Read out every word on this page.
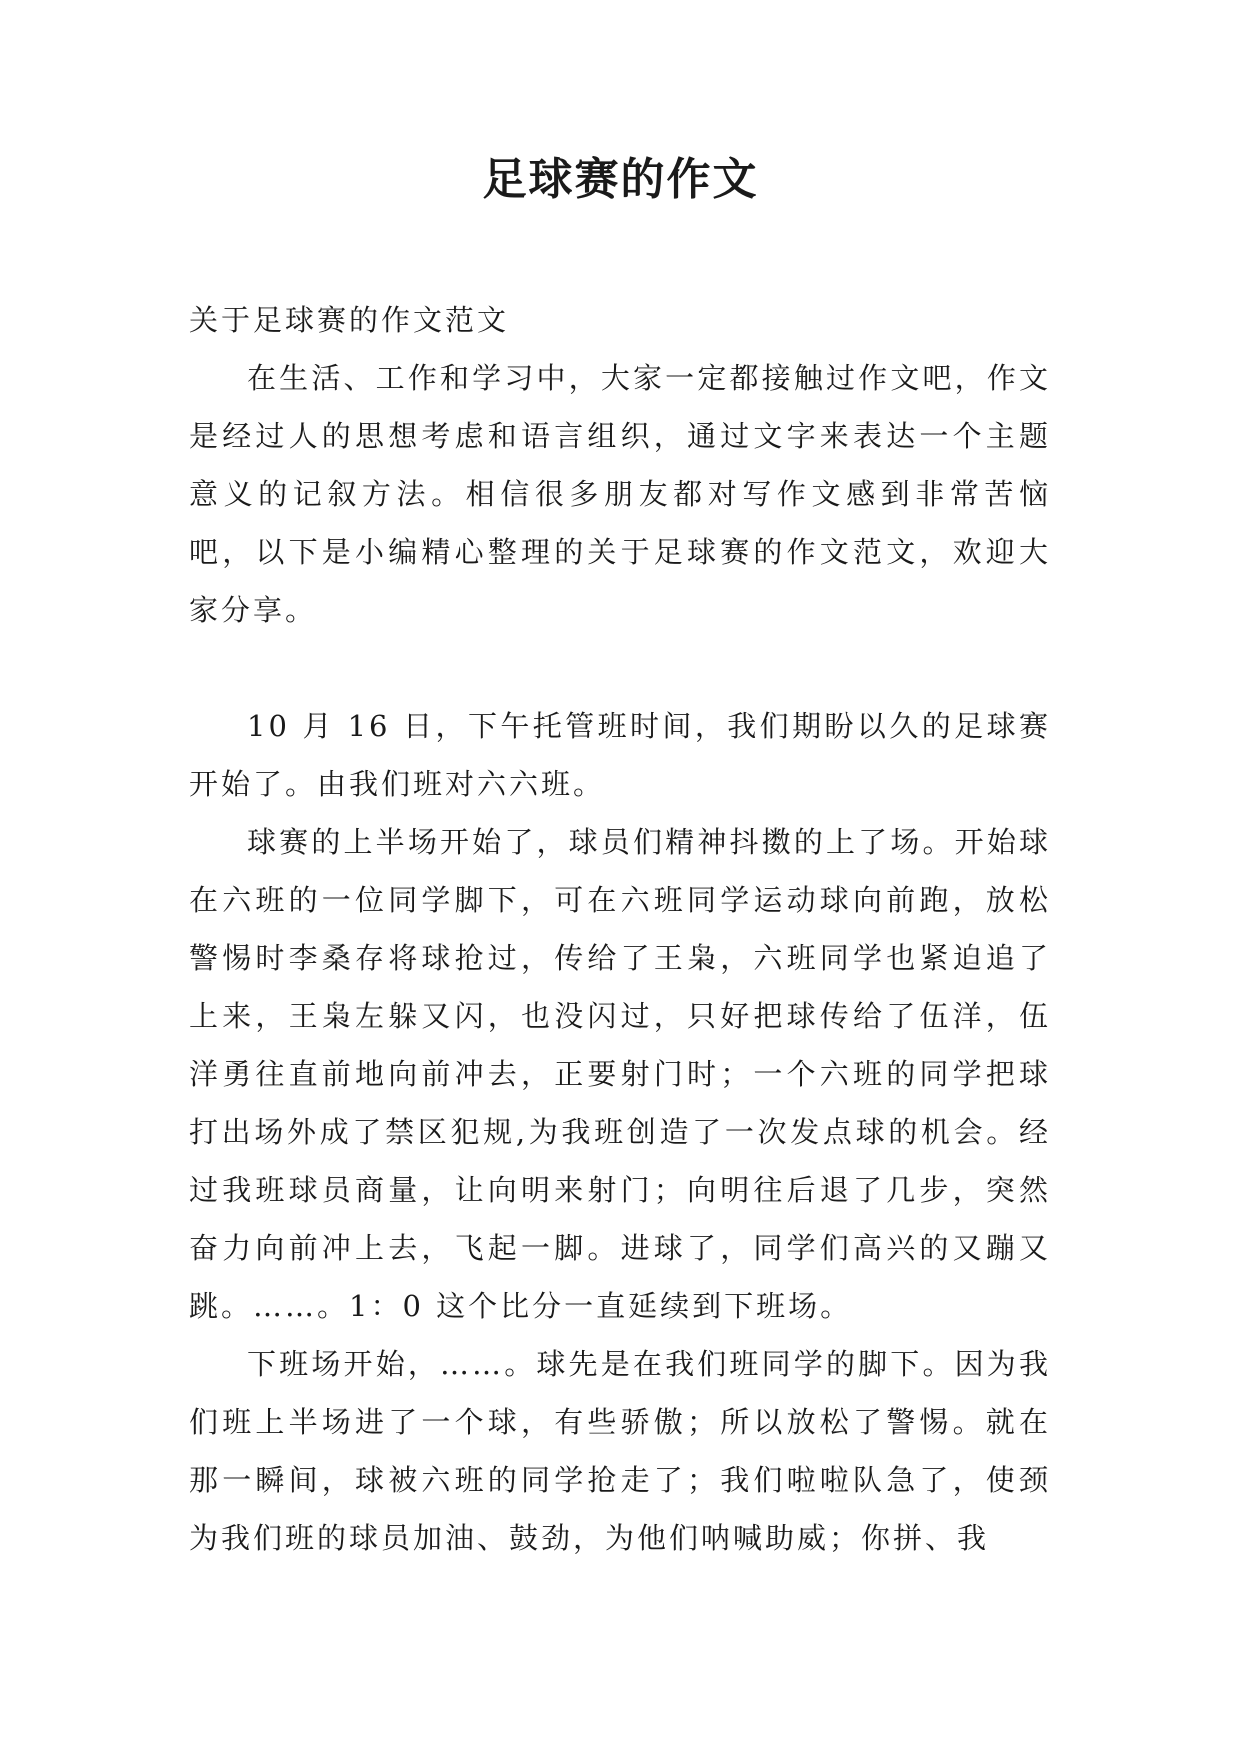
足球赛的作文

关于足球赛的作文范文

在生活、工作和学习中，大家一定都接触过作文吧，作文是经过人的思想考虑和语言组织，通过文字来表达一个主题意义的记叙方法。相信很多朋友都对写作文感到非常苦恼吧，以下是小编精心整理的关于足球赛的作文范文，欢迎大家分享。

10 月 16 日，下午托管班时间，我们期盼以久的足球赛开始了。由我们班对六六班。

球赛的上半场开始了，球员们精神抖擞的上了场。开始球在六班的一位同学脚下，可在六班同学运动球向前跑，放松警惕时李桑存将球抢过，传给了王枭，六班同学也紧迫追了上来，王枭左躲又闪，也没闪过，只好把球传给了伍洋，伍洋勇往直前地向前冲去，正要射门时；一个六班的同学把球打出场外成了禁区犯规,为我班创造了一次发点球的机会。经过我班球员商量，让向明来射门；向明往后退了几步，突然奋力向前冲上去，飞起一脚。进球了，同学们高兴的又蹦又跳。……。1：0 这个比分一直延续到下班场。

下班场开始，……。球先是在我们班同学的脚下。因为我们班上半场进了一个球，有些骄傲；所以放松了警惕。就在那一瞬间，球被六班的同学抢走了；我们啦啦队急了，使颈为我们班的球员加油、鼓劲，为他们呐喊助威；你拼、我
